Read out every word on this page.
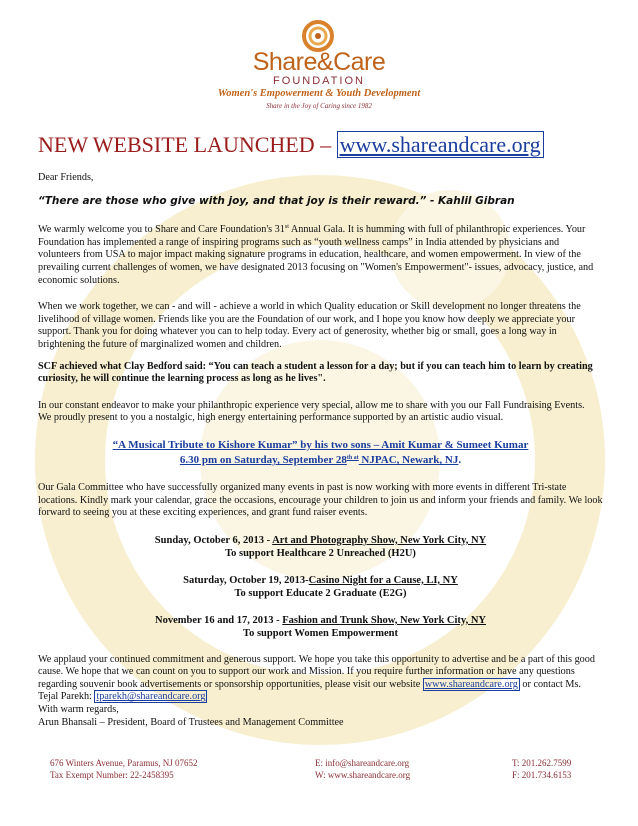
Share&Care
FOUNDATION
Women's Empowerment & Youth Development
Share in the Joy of Caring since 1982
NEW WEBSITE LAUNCHED – www.shareandcare.org

Dear Friends,

“There are those who give with joy, and that joy is their reward.” - Kahlil Gibran

We warmly welcome you to Share and Care Foundation's 31st Annual Gala. It is humming with full of philanthropic experiences. Your Foundation has implemented a range of inspiring programs such as “youth wellness camps” in India attended by physicians and volunteers from USA to major impact making signature programs in education, healthcare, and women empowerment. In view of the prevailing current challenges of women, we have designated 2013 focusing on "Women's Empowerment"- issues, advocacy, justice, and economic solutions.

When we work together, we can - and will - achieve a world in which Quality education or Skill development no longer threatens the livelihood of village women. Friends like you are the Foundation of our work, and I hope you know how deeply we appreciate your support. Thank you for doing whatever you can to help today. Every act of generosity, whether big or small, goes a long way in brightening the future of marginalized women and children.

SCF achieved what Clay Bedford said: “You can teach a student a lesson for a day; but if you can teach him to learn by creating curiosity, he will continue the learning process as long as he lives".

In our constant endeavor to make your philanthropic experience very special, allow me to share with you our Fall Fundraising Events.

We proudly present to you a nostalgic, high energy entertaining performance supported by an artistic audio visual.

“A Musical Tribute to Kishore Kumar” by his two sons – Amit Kumar & Sumeet Kumar

6.30 pm on Saturday, September $28^{th at}$ NJPAC, Newark, NJ.

Our Gala Committee who have successfully organized many events in past is now working with more events in different Tri-state locations. Kindly mark your calendar, grace the occasions, encourage your children to join us and inform your friends and family. We look forward to seeing you at these exciting experiences, and grant fund raiser events.

Sunday, October 6, 2013 - Art and Photography Show, New York City, NY

To support Healthcare 2 Unreached (H2U)

Saturday, October 19, 2013-Casino Night for a Cause, LI, NY

To support Educate 2 Graduate (E2G)

November 16 and 17, 2013 - Fashion and Trunk Show, New York City, NY

To support Women Empowerment

We applaud your continued commitment and generous support. We hope you take this opportunity to advertise and be a part of this good cause. We hope that we can count on you to support our work and Mission. If you require further information or have any questions regarding souvenir book advertisements or sponsorship opportunities, please visit our website www.shareandcare.org or contact Ms. Tejal Parekh: tparekh@shareandcare.org

With warm regards,

Arun Bhansali – President, Board of Trustees and Management Committee

676 Winters Avenue, Paramus, NJ 07652
Tax Exempt Number: 22-2458395
E: info@shareandcare.org
W: www.shareandcare.org
T: 201.262.7599
F: 201.734.6153
